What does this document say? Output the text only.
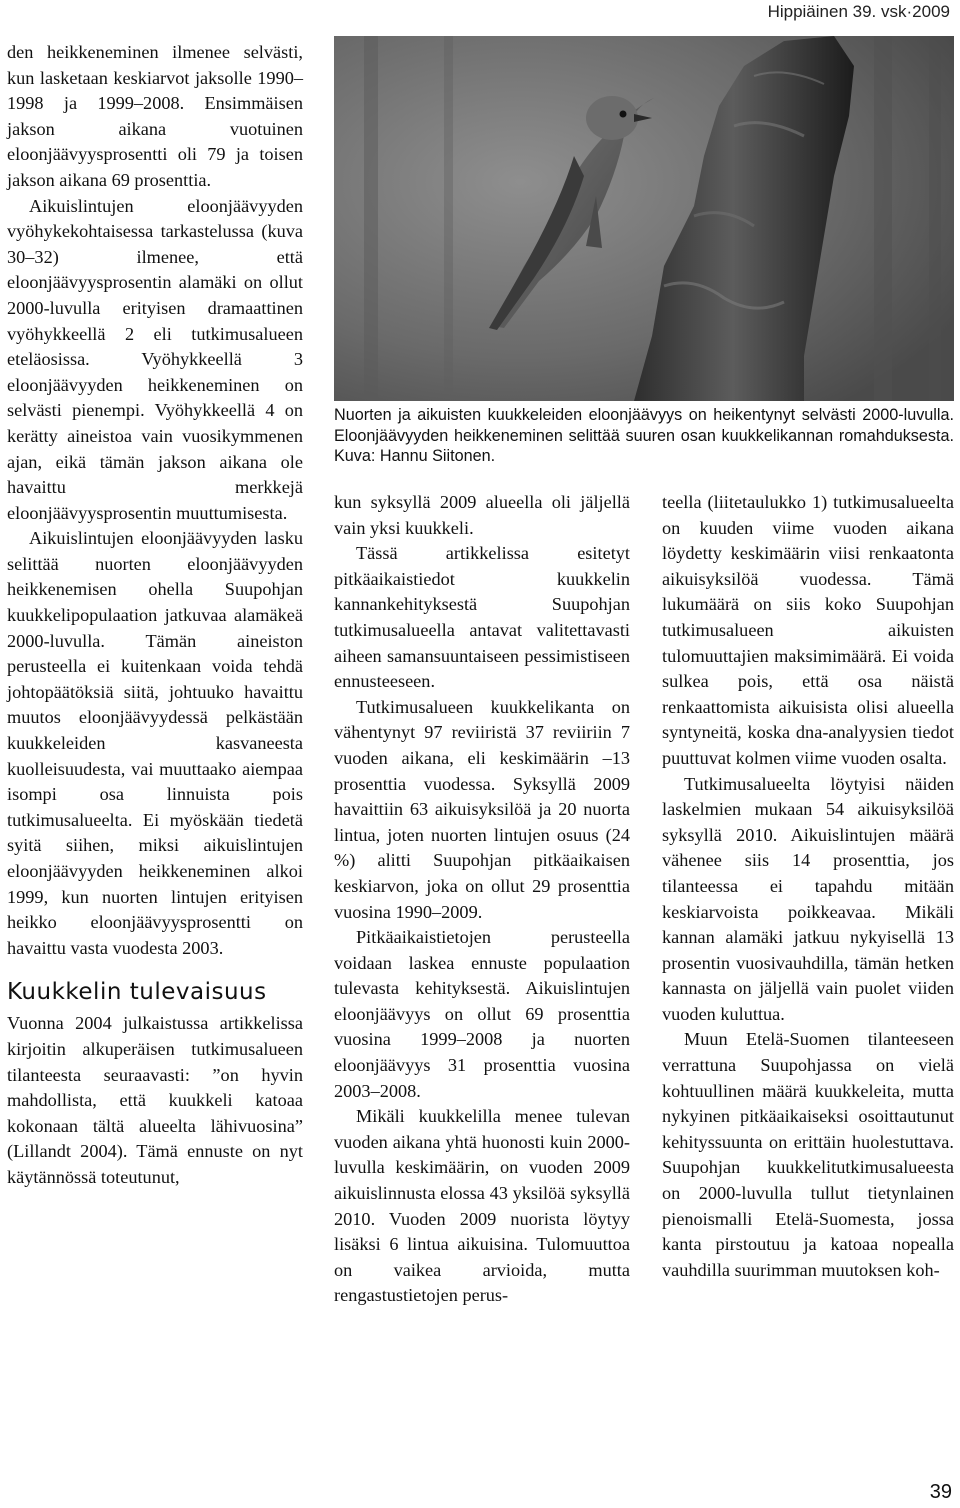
Hippiäinen 39. vsk·2009

den heikkeneminen ilmenee selvästi, kun lasketaan keskiarvot jaksolle 1990–1998 ja 1999–2008. Ensimmäisen jakson aikana vuotuinen eloonjäävyysprosentti oli 79 ja toisen jakson aikana 69 prosenttia.

Aikuislintujen eloonjäävyyden vyöhykekohtaisessa tarkastelussa (kuva 30–32) ilmenee, että eloonjäävyysprosentin alamäki on ollut 2000-luvulla erityisen dramaattinen vyöhykkeellä 2 eli tutkimusalueen eteläosissa. Vyöhykkeellä 3 eloonjäävyyden heikkeneminen on selvästi pienempi. Vyöhykkeellä 4 on kerätty aineistoa vain vuosikymmenen ajan, eikä tämän jakson aikana ole havaittu merkkejä eloonjäävyysprosentin muuttumisesta.

Aikuislintujen eloonjäävyyden lasku selittää nuorten eloonjäävyyden heikkenemisen ohella Suupohjan kuukkelipopulaation jatkuvaa alamäkeä 2000-luvulla. Tämän aineiston perusteella ei kuitenkaan voida tehdä johtopäätöksiä siitä, johtuuko havaittu muutos eloonjäävyydessä pelkästään kuukkeleiden kasvaneesta kuolleisuudesta, vai muuttaako aiempaa isompi osa linnuista pois tutkimusalueelta. Ei myöskään tiedetä syitä siihen, miksi aikuislintujen eloonjäävyyden heikkeneminen alkoi 1999, kun nuorten lintujen erityisen heikko eloonjäävyysprosentti on havaittu vasta vuodesta 2003.

Kuukkelin tulevaisuus

Vuonna 2004 julkaistussa artikkelissa kirjoitin alkuperäisen tutkimusalueen tilanteesta seuraavasti: ”on hyvin mahdollista, että kuukkeli katoaa kokonaan tältä alueelta lähivuosina” (Lillandt 2004). Tämä ennuste on nyt käytännössä toteutunut,

Nuorten ja aikuisten kuukkeleiden eloonjäävyys on heikentynyt selvästi 2000-luvulla. Eloonjäävyyden heikkeneminen selittää suuren osan kuukkelikannan romahduksesta. Kuva: Hannu Siitonen.

kun syksyllä 2009 alueella oli jäljellä vain yksi kuukkeli.

Tässä artikkelissa esitetyt pitkäaikaistiedot kuukkelin kannankehityksestä Suupohjan tutkimusalueella antavat valitettavasti aiheen samansuuntaiseen pessimistiseen ennusteeseen.

Tutkimusalueen kuukkelikanta on vähentynyt 97 reviiristä 37 reviiriin 7 vuoden aikana, eli keskimäärin –13 prosenttia vuodessa. Syksyllä 2009 havaittiin 63 aikuisyksilöä ja 20 nuorta lintua, joten nuorten lintujen osuus (24 %) alitti Suupohjan pitkäaikaisen keskiarvon, joka on ollut 29 prosenttia vuosina 1990–2009.

Pitkäaikaistietojen perusteella voidaan laskea ennuste populaation tulevasta kehityksestä. Aikuislintujen eloonjäävyys on ollut 69 prosenttia vuosina 1999–2008 ja nuorten eloonjäävyys 31 prosenttia vuosina 2003–2008.

Mikäli kuukkelilla menee tulevan vuoden aikana yhtä huonosti kuin 2000-luvulla keskimäärin, on vuoden 2009 aikuislinnusta elossa 43 yksilöä syksyllä 2010. Vuoden 2009 nuorista löytyy lisäksi 6 lintua aikuisina. Tulomuuttoa on vaikea arvioida, mutta rengastustietojen perus-

teella (liitetaulukko 1) tutkimusalueelta on kuuden viime vuoden aikana löydetty keskimäärin viisi renkaatonta aikuisyksilöä vuodessa. Tämä lukumäärä on siis koko Suupohjan tutkimusalueen aikuisten tulomuuttajien maksimimäärä. Ei voida sulkea pois, että osa näistä renkaattomista aikuisista olisi alueella syntyneitä, koska dna-analyysien tiedot puuttuvat kolmen viime vuoden osalta.

Tutkimusalueelta löytyisi näiden laskelmien mukaan 54 aikuisyksilöä syksyllä 2010. Aikuislintujen määrä vähenee siis 14 prosenttia, jos tilanteessa ei tapahdu mitään keskiarvoista poikkeavaa. Mikäli kannan alamäki jatkuu nykyisellä 13 prosentin vuosivauhdilla, tämän hetken kannasta on jäljellä vain puolet viiden vuoden kuluttua.

Muun Etelä-Suomen tilanteeseen verrattuna Suupohjassa on vielä kohtuullinen määrä kuukkeleita, mutta nykyinen pitkäaikaiseksi osoittautunut kehityssuunta on erittäin huolestuttava. Suupohjan kuukkelitutkimusalueesta on 2000-luvulla tullut tietynlainen pienoismalli Etelä-Suomesta, jossa kanta pirstoutuu ja katoaa nopealla vauhdilla suurimman muutoksen koh-

39
